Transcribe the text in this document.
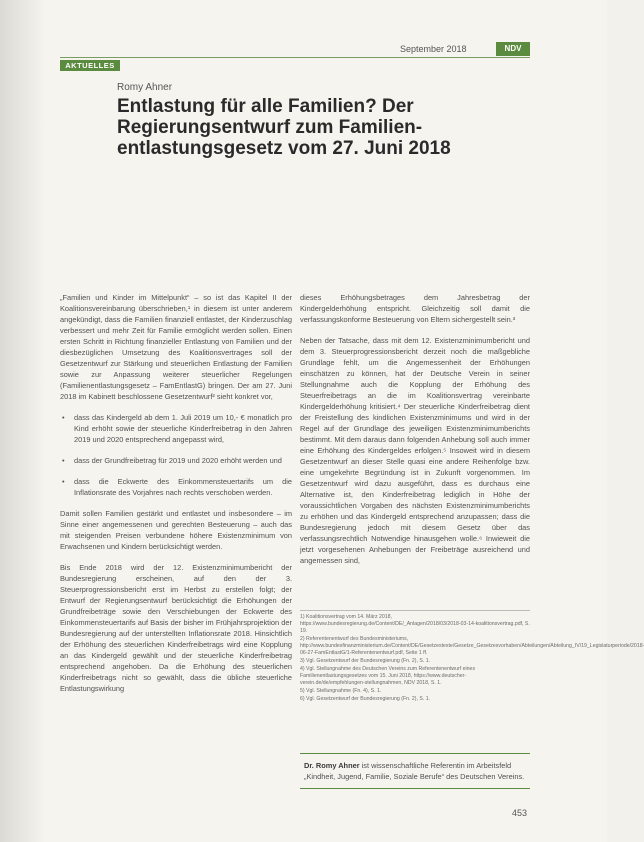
September 2018	NDV
AKTUELLES
Romy Ahner
Entlastung für alle Familien? Der
Regierungsentwurf zum Familien-
entlastungsgesetz vom 27. Juni 2018

„Familien und Kinder im Mittelpunkt“ – so ist das Kapitel II der Koalitionsvereinbarung überschrieben,¹ in diesem ist unter anderem angekündigt, dass die Familien finanziell entlastet, der Kinderzuschlag verbessert und mehr Zeit für Familie ermöglicht werden sollen. Einen ersten Schritt in Richtung finanzieller Entlastung von Familien und der diesbezüglichen Umsetzung des Koalitionsvertrages soll der Gesetzentwurf zur Stärkung und steuerlichen Entlastung der Familien sowie zur Anpassung weiterer steuerlicher Regelungen (Familienentlastungsgesetz – FamEntlastG) bringen. Der am 27. Juni 2018 im Kabinett beschlossene Gesetzentwurf² sieht konkret vor,

• dass das Kindergeld ab dem 1. Juli 2019 um 10,- € monatlich pro Kind erhöht sowie der steuerliche Kinderfreibetrag in den Jahren 2019 und 2020 entsprechend angepasst wird,
• dass der Grundfreibetrag für 2019 und 2020 erhöht werden und
• dass die Eckwerte des Einkommensteuertarifs um die Inflationsrate des Vorjahres nach rechts verschoben werden.

Damit sollen Familien gestärkt und entlastet und insbesondere – im Sinne einer angemessenen und gerechten Besteuerung – auch das mit steigenden Preisen verbundene höhere Existenzminimum von Erwachsenen und Kindern berücksichtigt werden.

Bis Ende 2018 wird der 12. Existenzminimumbericht der Bundesregierung erscheinen, auf den der 3. Steuerprogressionsbericht erst im Herbst zu erstellen folgt; der Entwurf der Regierungsentwurf berücksichtigt die Erhöhungen der Grundfreibeträge sowie den Verschiebungen der Eckwerte des Einkommensteuertarifs auf Basis der bisher im Frühjahrsprojektion der Bundesregierung auf der unterstellten Inflationsrate 2018. Hinsichtlich der Erhöhung des steuerlichen Kinderfreibetrags wird eine Kopplung an das Kindergeld gewählt und der steuerliche Kinderfreibetrag entsprechend angehoben. Da die Erhöhung des steuerlichen Kinderfreibetrags nicht so gewählt, dass die übliche steuerliche Entlastungswirkung

dieses Erhöhungsbetrages dem Jahresbetrag der Kindergelderhöhung entspricht. Gleichzeitig soll damit die verfassungskonforme Besteuerung von Eltern sichergestellt sein.³

Neben der Tatsache, dass mit dem 12. Existenzminimumbericht und dem 3. Steuerprogressionsbericht derzeit noch die maßgebliche Grundlage fehlt, um die Angemessenheit der Erhöhungen einschätzen zu können, hat der Deutsche Verein in seiner Stellungnahme auch die Kopplung der Erhöhung des Steuerfreibetrags an die im Koalitionsvertrag vereinbarte Kindergelderhöhung kritisiert.⁴ Der steuerliche Kinderfreibetrag dient der Freistellung des kindlichen Existenzminimums und wird in der Regel auf der Grundlage des jeweiligen Existenzminimumberichts bestimmt. Mit dem daraus dann folgenden Anhebung soll auch immer eine Erhöhung des Kindergeldes erfolgen.⁵ Insoweit wird in diesem Gesetzentwurf an dieser Stelle quasi eine andere Reihenfolge bzw. eine umgekehrte Begründung ist in Zukunft vorgenommen. Im Gesetzentwurf wird dazu ausgeführt, dass es durchaus eine Alternative ist, den Kinderfreibetrag lediglich in Höhe der voraussichtlichen Vorgaben des nächsten Existenzminimumberichts zu erhöhen und das Kindergeld entsprechend anzupassen; dass die Bundesregierung jedoch mit diesem Gesetz über das verfassungsrechtlich Notwendige hinausgehen wolle.⁶ Inwieweit die jetzt vorgesehenen Anhebungen der Freibeträge ausreichend und angemessen sind,

1) Koalitionsvertrag vom 14. März 2018, https://www.bundesregierung.de/Content/DE/_Anlagen/2018/03/2018-03-14-koalitionsvertrag.pdf, S. 19.
2) Referentenentwurf des Bundesministeriums, http://www.bundesfinanzministerium.de/Content/DE/Gesetzestexte/Gesetze_Gesetzesvorhaben/Abteilungen/Abteilung_IV/19_Legislaturperiode/2018-06-27-FamEntlastG/1-Referentenentwurf.pdf, Seite 1 ff.
3) Vgl. Gesetzentwurf der Bundesregierung (Fn. 2), S. 1.
4) Vgl. Stellungnahme des Deutschen Vereins zum Referentenentwurf eines Familienentlastungsgesetzes vom 15. Juni 2018, https://www.deutscher-verein.de/de/empfehlungen-stellungnahmen, NDV 2018, S. 1.
5) Vgl. Stellungnahme (Fn. 4), S. 1.
6) Vgl. Gesetzentwurf der Bundesregierung (Fn. 2), S. 1.
Dr. Romy Ahner ist wissenschaftliche Referentin im Arbeitsfeld „Kindheit, Jugend, Familie, Soziale Berufe“ des Deutschen Vereins.
453
